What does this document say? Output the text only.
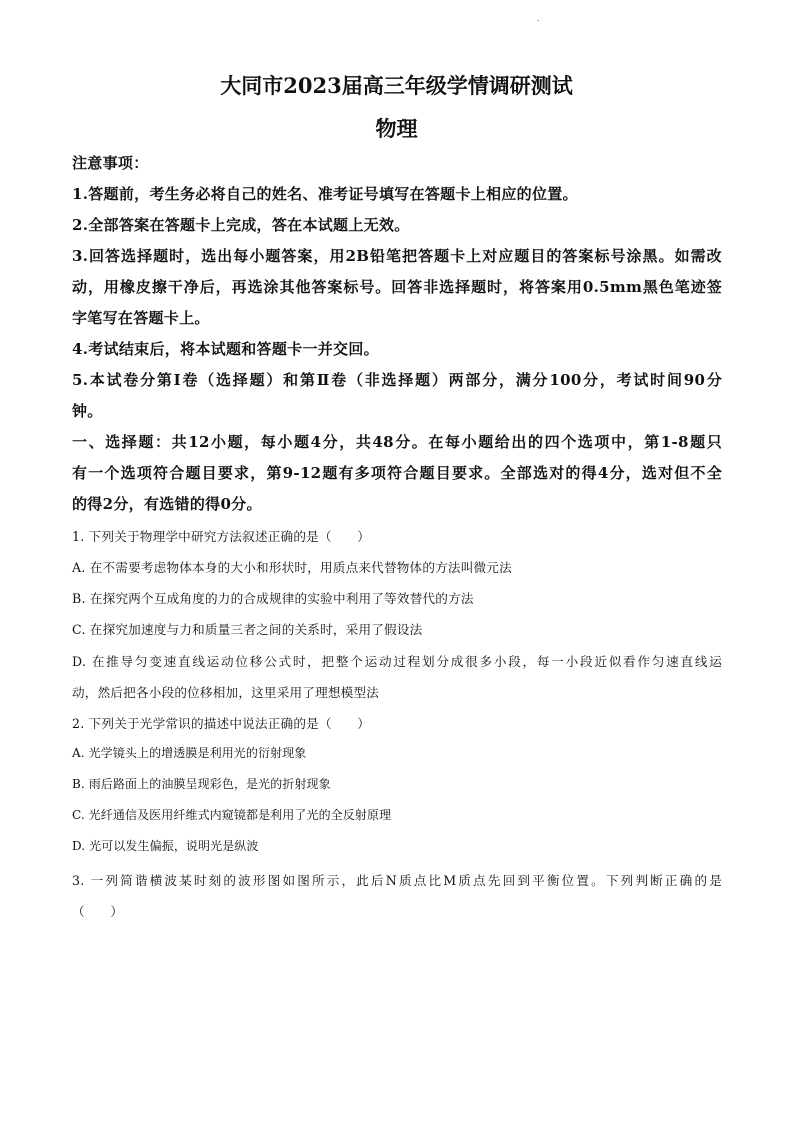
.
大同市2023届高三年级学情调研测试
物理
注意事项：
1.答题前，考生务必将自己的姓名、准考证号填写在答题卡上相应的位置。
2.全部答案在答题卡上完成，答在本试题上无效。
3.回答选择题时，选出每小题答案，用2B铅笔把答题卡上对应题目的答案标号涂黑。如需改
动，用橡皮擦干净后，再选涂其他答案标号。回答非选择题时，将答案用0.5mm黑色笔迹签
字笔写在答题卡上。
4.考试结束后，将本试题和答题卡一并交回。
5.本试卷分第Ⅰ卷（选择题）和第Ⅱ卷（非选择题）两部分，满分100分，考试时间90分
钟。
一、选择题：共12小题，每小题4分，共48分。在每小题给出的四个选项中，第1-8题只
有一个选项符合题目要求，第9-12题有多项符合题目要求。全部选对的得4分，选对但不全
的得2分，有选错的得0分。
1. 下列关于物理学中研究方法叙述正确的是（　　）
A. 在不需要考虑物体本身的大小和形状时，用质点来代替物体的方法叫微元法
B. 在探究两个互成角度的力的合成规律的实验中利用了等效替代的方法
C. 在探究加速度与力和质量三者之间的关系时，采用了假设法
D. 在推导匀变速直线运动位移公式时，把整个运动过程划分成很多小段，每一小段近似看作匀速直线运
动，然后把各小段的位移相加，这里采用了理想模型法
2. 下列关于光学常识的描述中说法正确的是（　　）
A. 光学镜头上的增透膜是利用光的衍射现象
B. 雨后路面上的油膜呈现彩色，是光的折射现象
C. 光纤通信及医用纤维式内窥镜都是利用了光的全反射原理
D. 光可以发生偏振，说明光是纵波
3. 一列简谐横波某时刻的波形图如图所示，此后N质点比M质点先回到平衡位置。下列判断正确的是
（　　）
